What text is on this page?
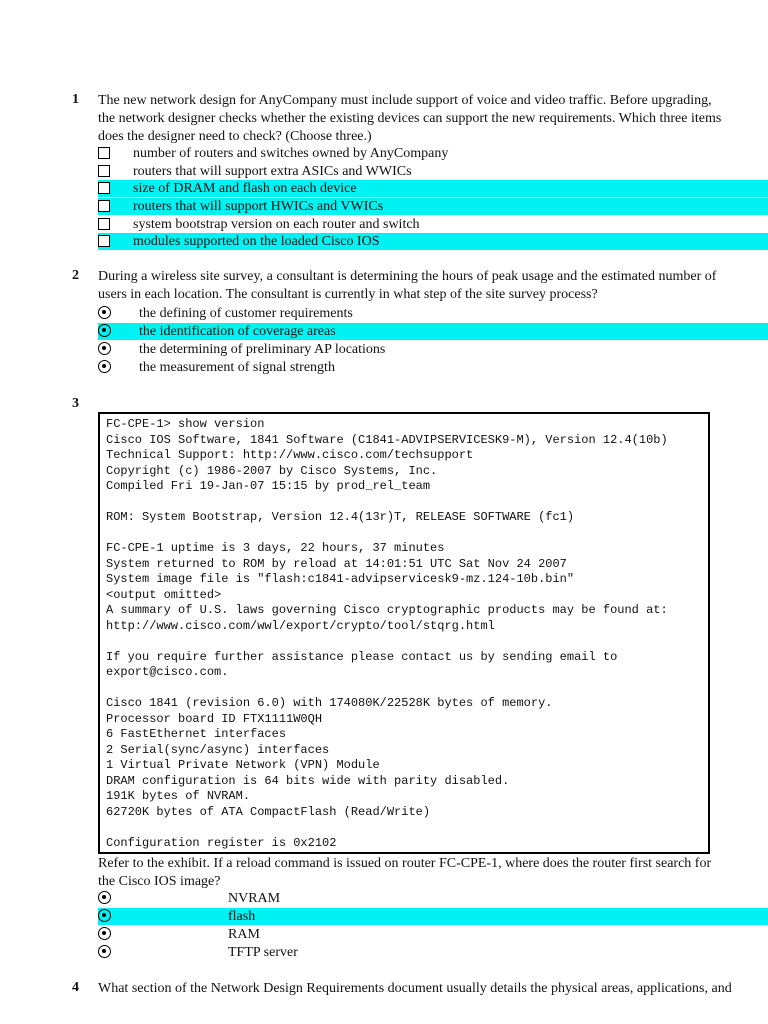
1 The new network design for AnyCompany must include support of voice and video traffic. Before upgrading,
the network designer checks whether the existing devices can support the new requirements. Which three items
does the designer need to check? (Choose three.)
number of routers and switches owned by AnyCompany
routers that will support extra ASICs and WWICs
size of DRAM and flash on each device
routers that will support HWICs and VWICs
system bootstrap version on each router and switch
modules supported on the loaded Cisco IOS
2 During a wireless site survey, a consultant is determining the hours of peak usage and the estimated number of
users in each location. The consultant is currently in what step of the site survey process?
the defining of customer requirements
the identification of coverage areas
the determining of preliminary AP locations
the measurement of signal strength
3
FC-CPE-1> show version
Cisco IOS Software, 1841 Software (C1841-ADVIPSERVICESK9-M), Version 12.4(10b)
Technical Support: http://www.cisco.com/techsupport
Copyright (c) 1986-2007 by Cisco Systems, Inc.
Compiled Fri 19-Jan-07 15:15 by prod_rel_team
ROM: System Bootstrap, Version 12.4(13r)T, RELEASE SOFTWARE (fc1)
FC-CPE-1 uptime is 3 days, 22 hours, 37 minutes
System returned to ROM by reload at 14:01:51 UTC Sat Nov 24 2007
System image file is "flash:c1841-advipservicesk9-mz.124-10b.bin"
<output omitted>
A summary of U.S. laws governing Cisco cryptographic products may be found at:
http://www.cisco.com/wwl/export/crypto/tool/stqrg.html
If you require further assistance please contact us by sending email to
export@cisco.com.
Cisco 1841 (revision 6.0) with 174080K/22528K bytes of memory.
Processor board ID FTX1111W0QH
6 FastEthernet interfaces
2 Serial(sync/async) interfaces
1 Virtual Private Network (VPN) Module
DRAM configuration is 64 bits wide with parity disabled.
191K bytes of NVRAM.
62720K bytes of ATA CompactFlash (Read/Write)
Configuration register is 0x2102
Refer to the exhibit. If a reload command is issued on router FC-CPE-1, where does the router first search for
the Cisco IOS image?
NVRAM
flash
RAM
TFTP server
4 What section of the Network Design Requirements document usually details the physical areas, applications, and
